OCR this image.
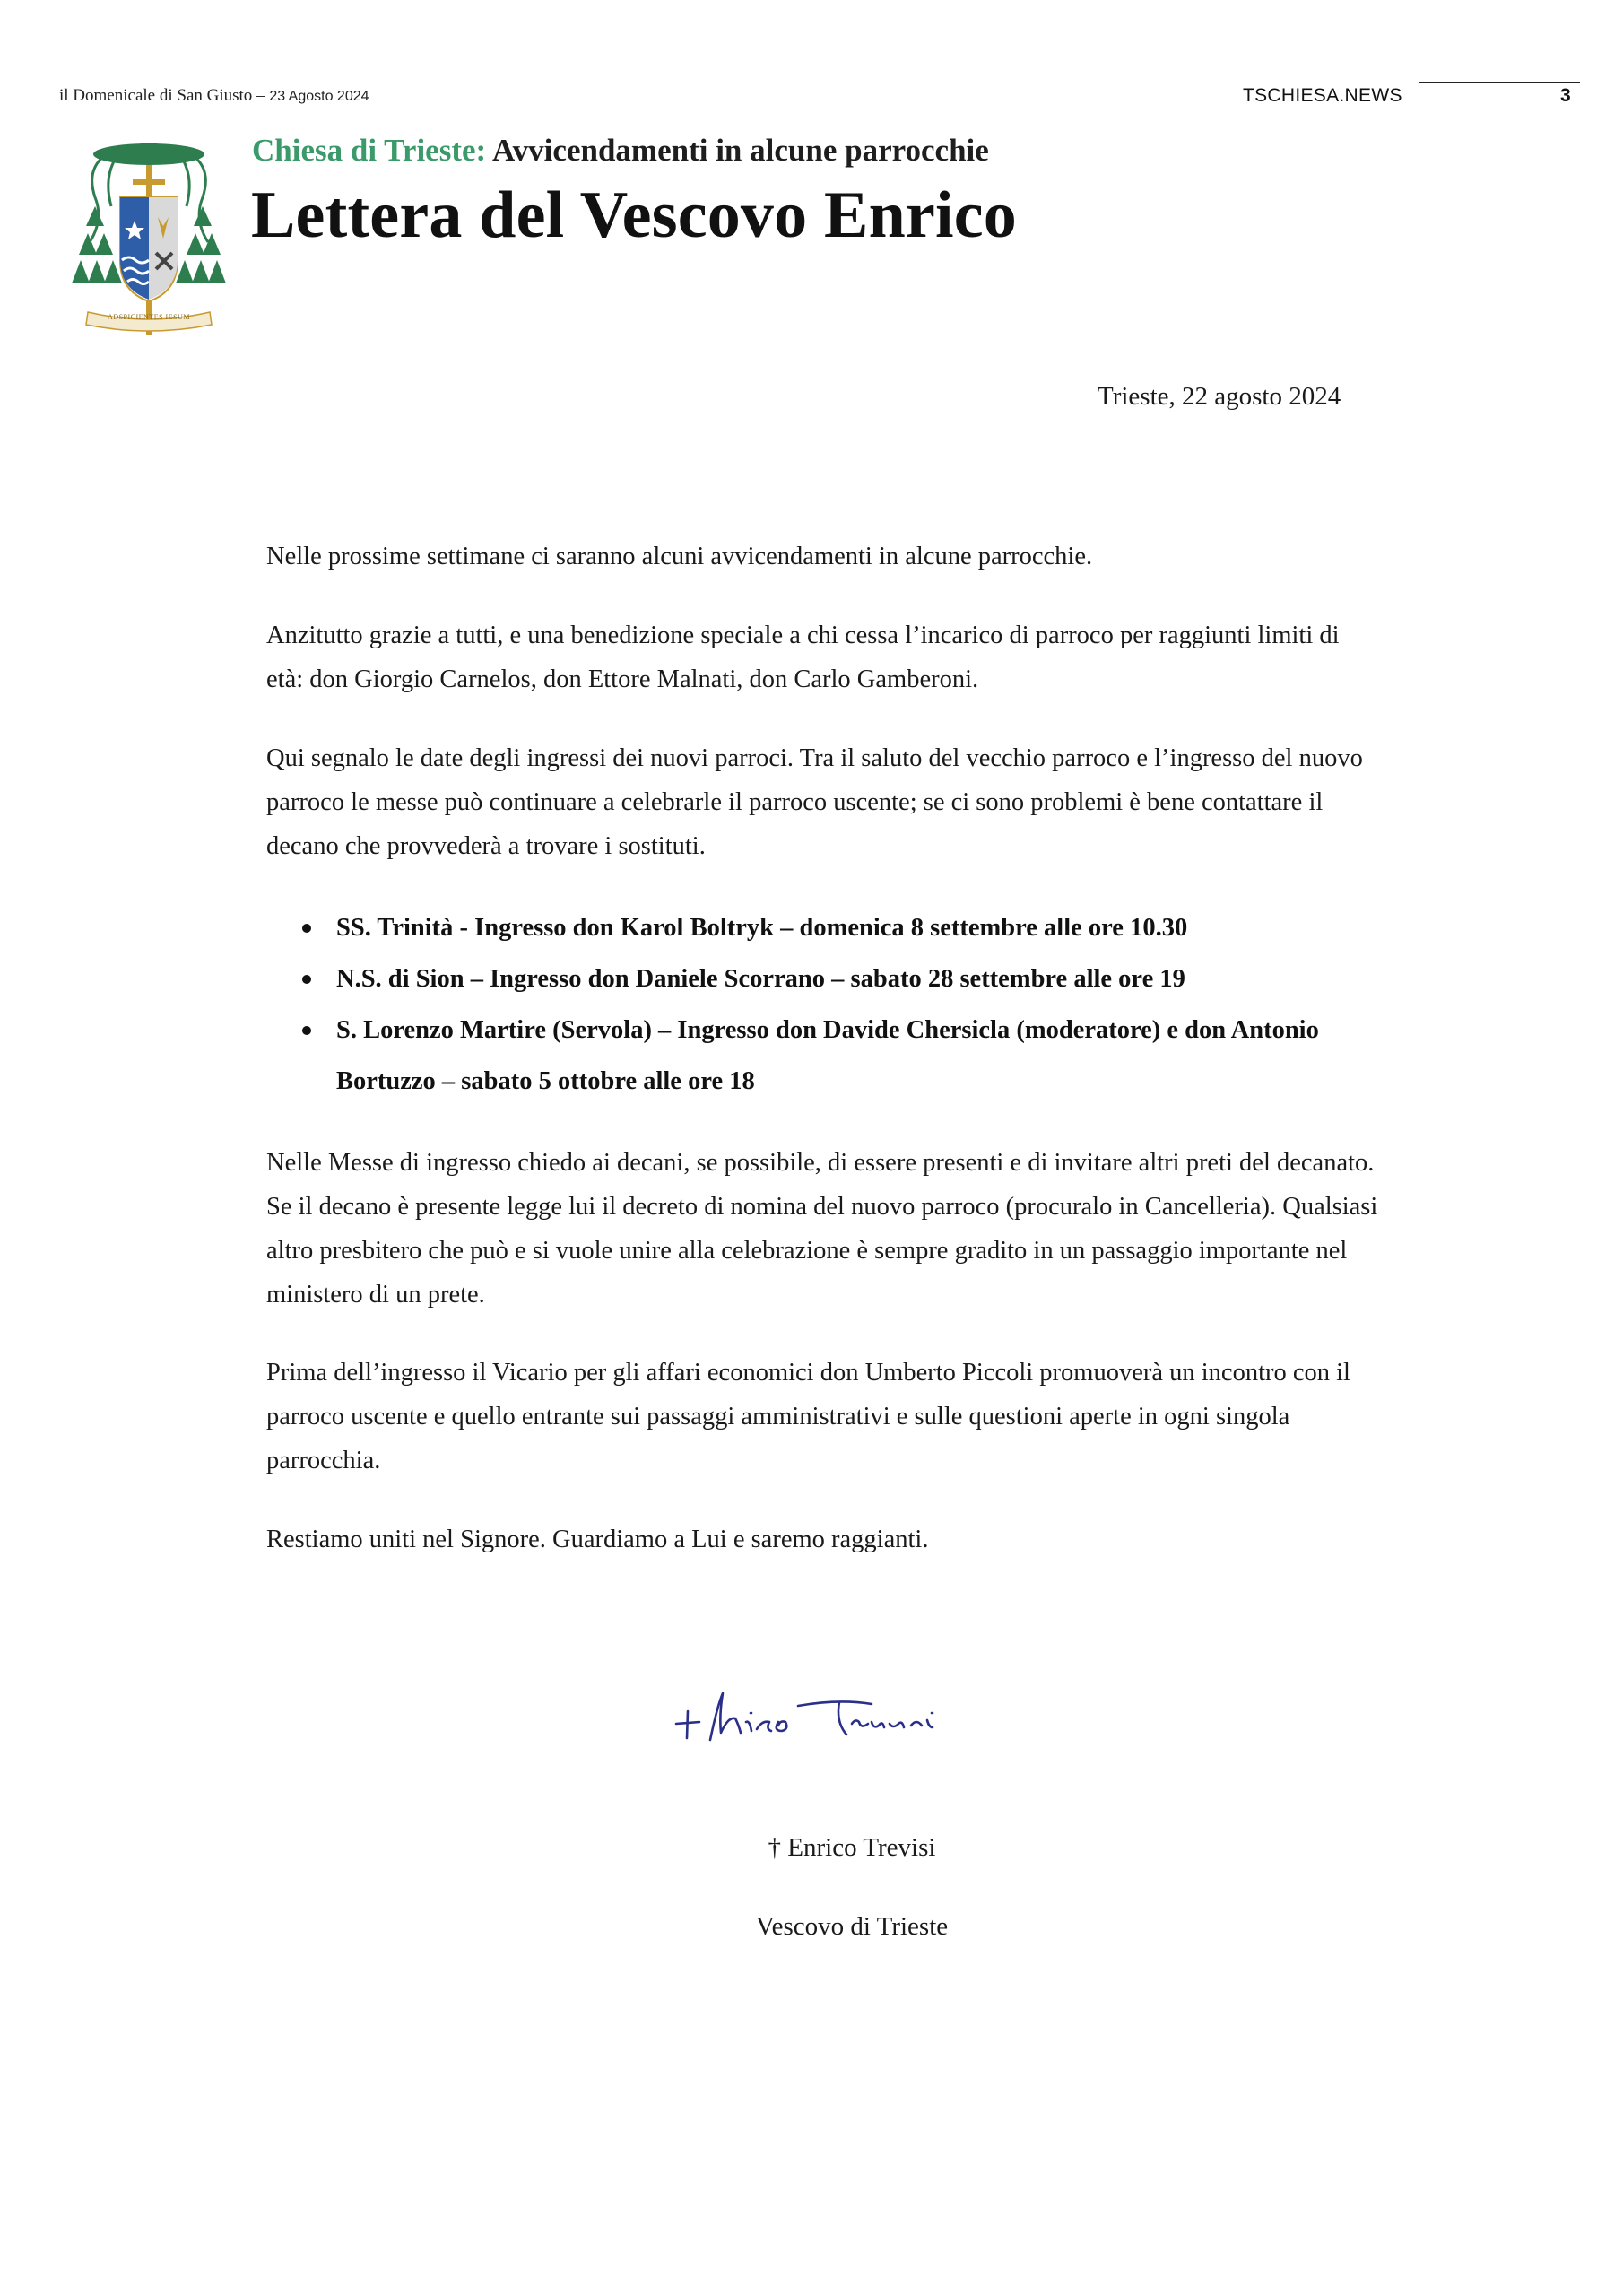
il Domenicale di San Giusto – 23 Agosto 2024	TSCHIESA.NEWS	3
ADSPICIENTES IESUM
Chiesa di Trieste: Avvicendamenti in alcune parrocchie
Lettera del Vescovo Enrico
Trieste, 22 agosto 2024
Nelle prossime settimane ci saranno alcuni avvicendamenti in alcune parrocchie.
Anzitutto grazie a tutti, e una benedizione speciale a chi cessa l’incarico di parroco per raggiunti limiti di età: don Giorgio Carnelos, don Ettore Malnati, don Carlo Gamberoni.
Qui segnalo le date degli ingressi dei nuovi parroci. Tra il saluto del vecchio parroco e l’ingresso del nuovo parroco le messe può continuare a celebrarle il parroco uscente; se ci sono problemi è bene contattare il decano che provvederà a trovare i sostituti.
SS. Trinità - Ingresso don Karol Boltryk – domenica 8 settembre alle ore 10.30
N.S. di Sion – Ingresso don Daniele Scorrano – sabato 28 settembre alle ore 19
S. Lorenzo Martire (Servola) – Ingresso don Davide Chersicla (moderatore) e don Antonio Bortuzzo – sabato 5 ottobre alle ore 18
Nelle Messe di ingresso chiedo ai decani, se possibile, di essere presenti e di invitare altri preti del decanato. Se il decano è presente legge lui il decreto di nomina del nuovo parroco (procuralo in Cancelleria). Qualsiasi altro presbitero che può e si vuole unire alla celebrazione è sempre gradito in un passaggio importante nel ministero di un prete.
Prima dell’ingresso il Vicario per gli affari economici don Umberto Piccoli promuoverà un incontro con il parroco uscente e quello entrante sui passaggi amministrativi e sulle questioni aperte in ogni singola parrocchia.
Restiamo uniti nel Signore. Guardiamo a Lui e saremo raggianti.
† Enrico Trevisi
Vescovo di Trieste
